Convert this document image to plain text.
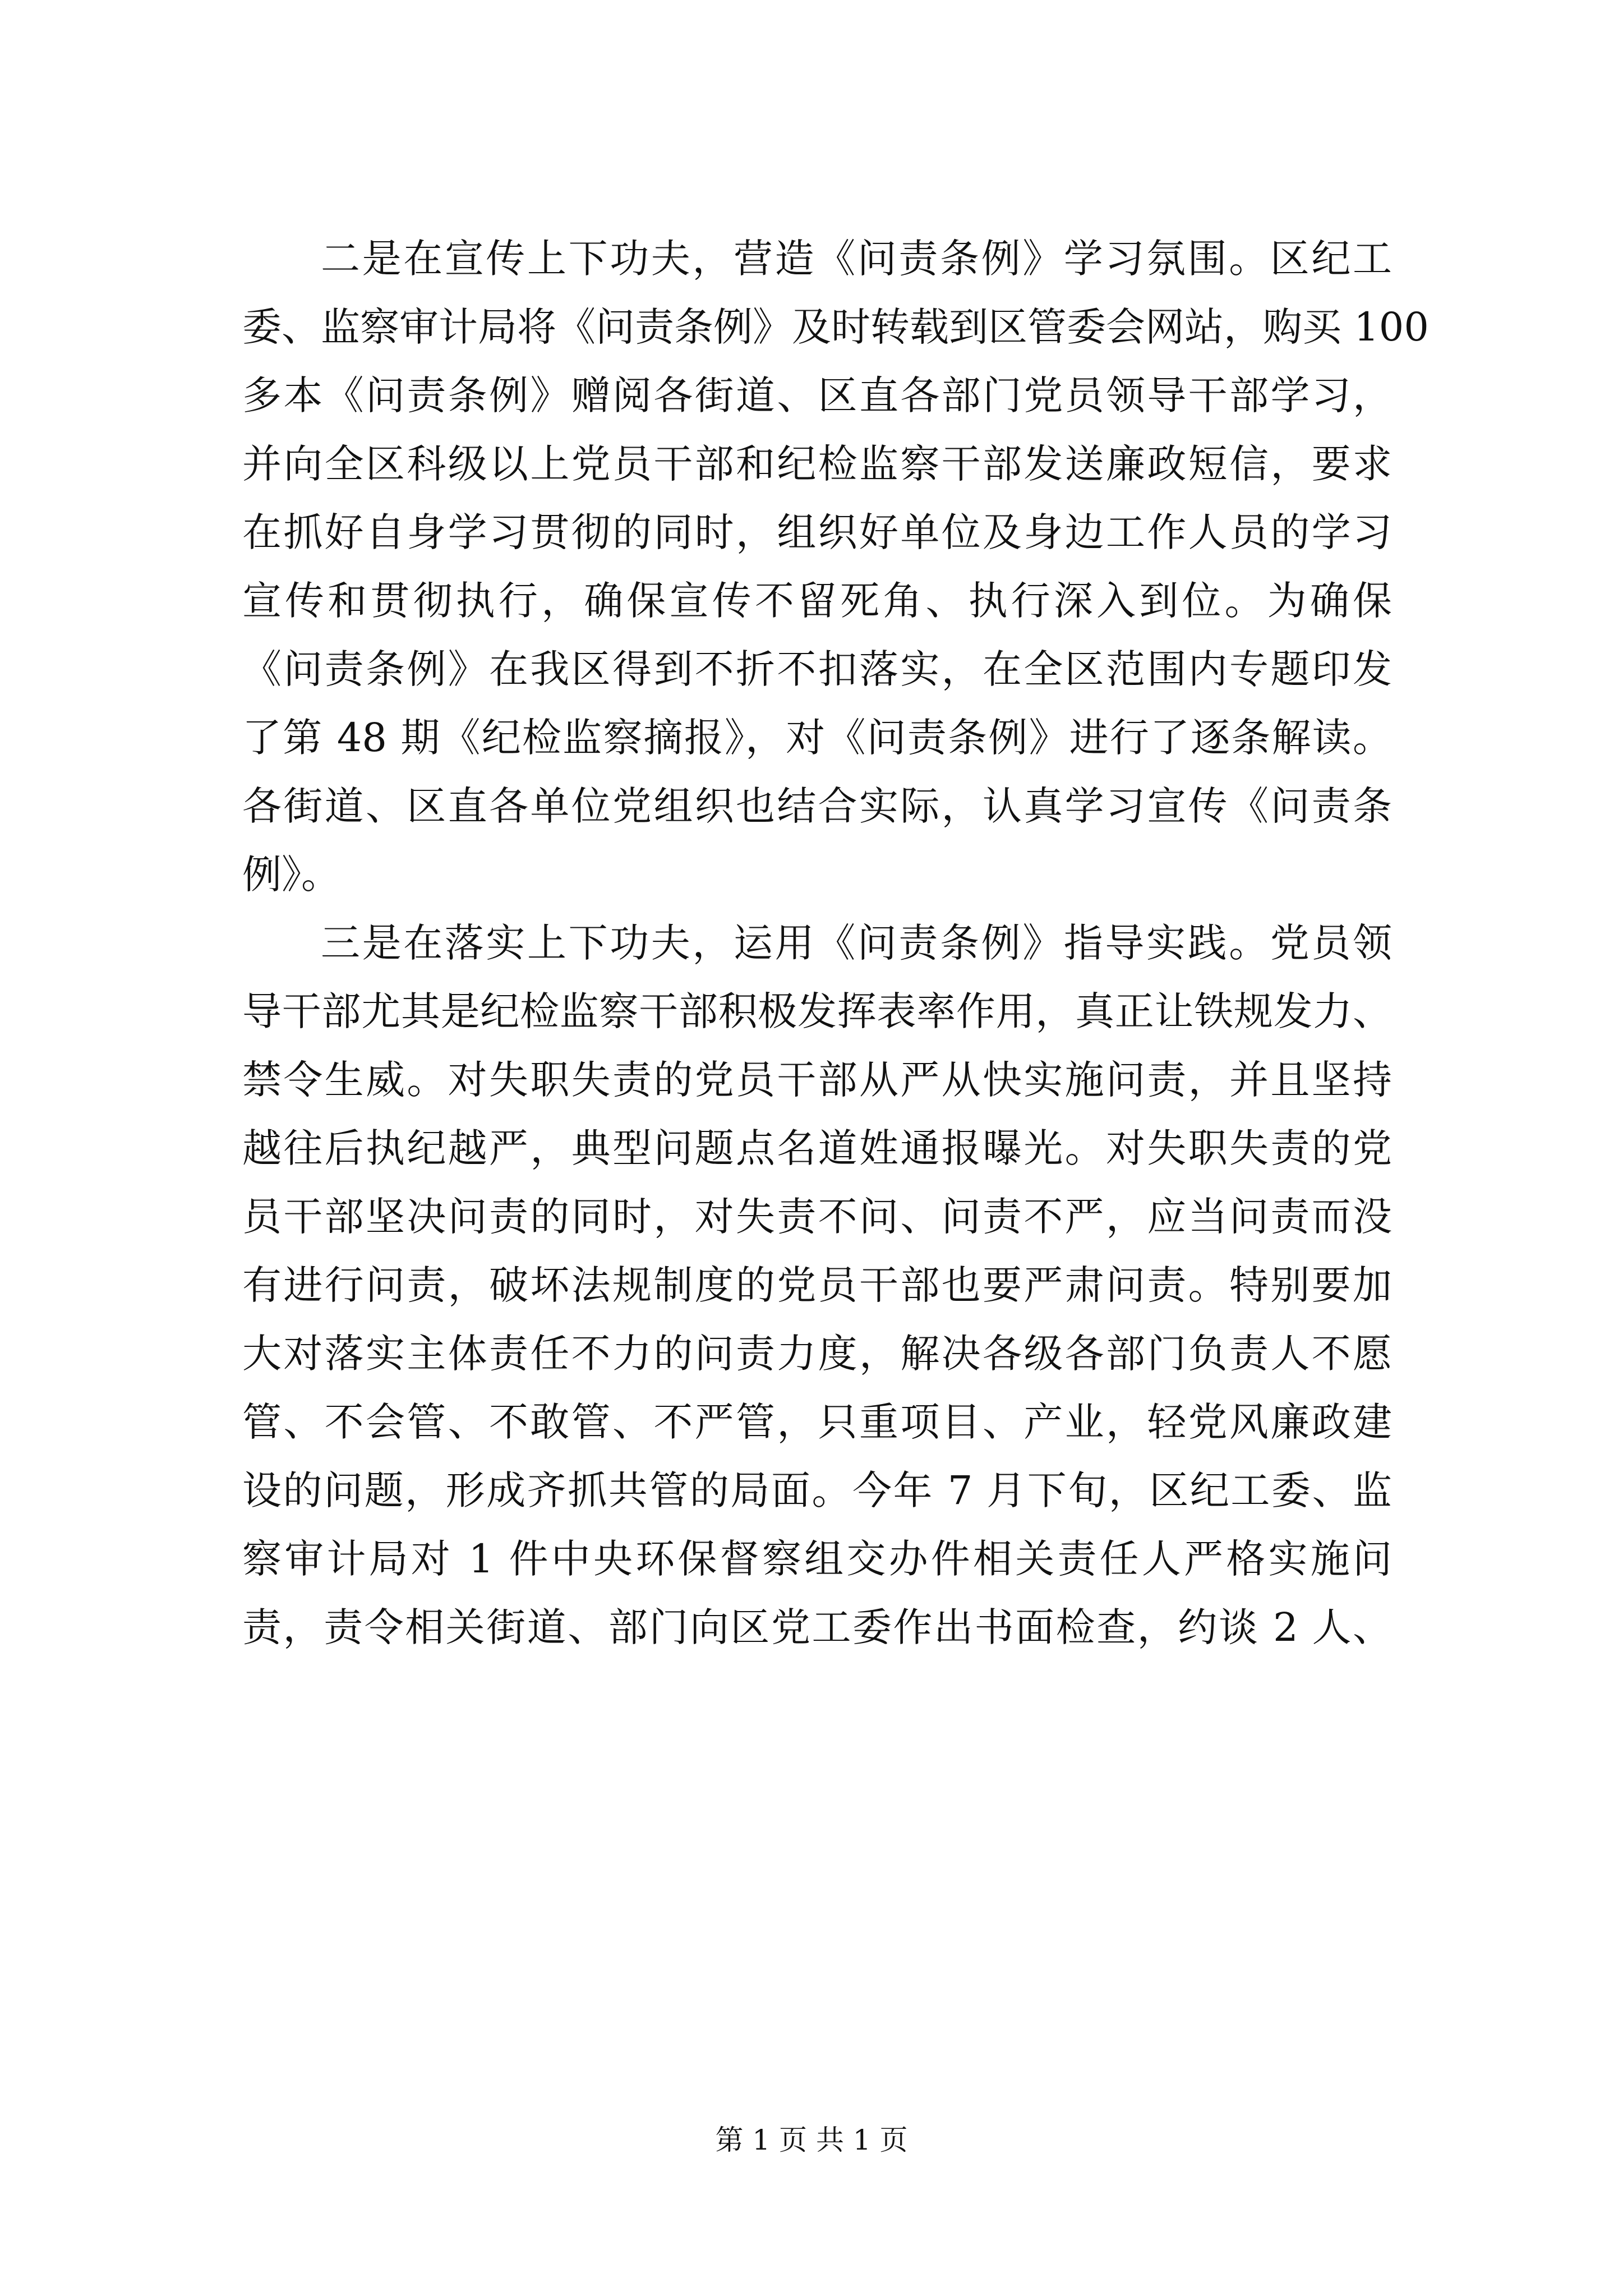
二是在宣传上下功夫，营造《问责条例》学习氛围。区纪工
委、监察审计局将《问责条例》及时转载到区管委会网站，购买 100
多本《问责条例》赠阅各街道、区直各部门党员领导干部学习，
并向全区科级以上党员干部和纪检监察干部发送廉政短信，要求
在抓好自身学习贯彻的同时，组织好单位及身边工作人员的学习
宣传和贯彻执行，确保宣传不留死角、执行深入到位。为确保
《问责条例》在我区得到不折不扣落实，在全区范围内专题印发
了第 48 期《纪检监察摘报》，对《问责条例》进行了逐条解读。
各街道、区直各单位党组织也结合实际，认真学习宣传《问责条
例》。
三是在落实上下功夫，运用《问责条例》指导实践。党员领
导干部尤其是纪检监察干部积极发挥表率作用，真正让铁规发力、
禁令生威。对失职失责的党员干部从严从快实施问责，并且坚持
越往后执纪越严，典型问题点名道姓通报曝光。对失职失责的党
员干部坚决问责的同时，对失责不问、问责不严，应当问责而没
有进行问责，破坏法规制度的党员干部也要严肃问责。特别要加
大对落实主体责任不力的问责力度，解决各级各部门负责人不愿
管、不会管、不敢管、不严管，只重项目、产业，轻党风廉政建
设的问题，形成齐抓共管的局面。今年 7 月下旬，区纪工委、监
察审计局对 1 件中央环保督察组交办件相关责任人严格实施问
责，责令相关街道、部门向区党工委作出书面检查，约谈 2 人、
第 1 页 共 1 页
